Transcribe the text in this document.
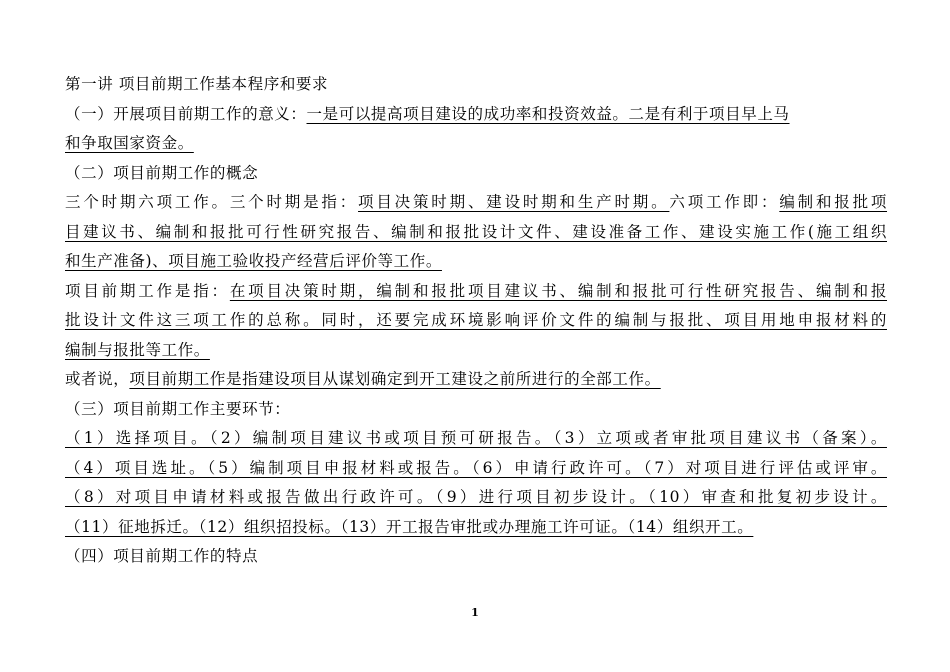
第一讲 项目前期工作基本程序和要求
（一）开展项目前期工作的意义：一是可以提高项目建设的成功率和投资效益。二是有利于项目早上马
和争取国家资金。
（二）项目前期工作的概念
三个时期六项工作。三个时期是指：项目决策时期、建设时期和生产时期。六项工作即：编制和报批项
目建议书、编制和报批可行性研究报告、编制和报批设计文件、建设准备工作、建设实施工作(施工组织
和生产准备)、项目施工验收投产经营后评价等工作。
项目前期工作是指：在项目决策时期，编制和报批项目建议书、编制和报批可行性研究报告、编制和报
批设计文件这三项工作的总称。同时，还要完成环境影响评价文件的编制与报批、项目用地申报材料的
编制与报批等工作。
或者说，项目前期工作是指建设项目从谋划确定到开工建设之前所进行的全部工作。
（三）项目前期工作主要环节：
（1）选择项目。（2）编制项目建议书或项目预可研报告。（3）立项或者审批项目建议书（备案）。
（4）项目选址。（5）编制项目申报材料或报告。（6）申请行政许可。（7）对项目进行评估或评审。
（8）对项目申请材料或报告做出行政许可。（9）进行项目初步设计。（10）审查和批复初步设计。
（11）征地拆迁。（12）组织招投标。（13）开工报告审批或办理施工许可证。（14）组织开工。
（四）项目前期工作的特点
1
